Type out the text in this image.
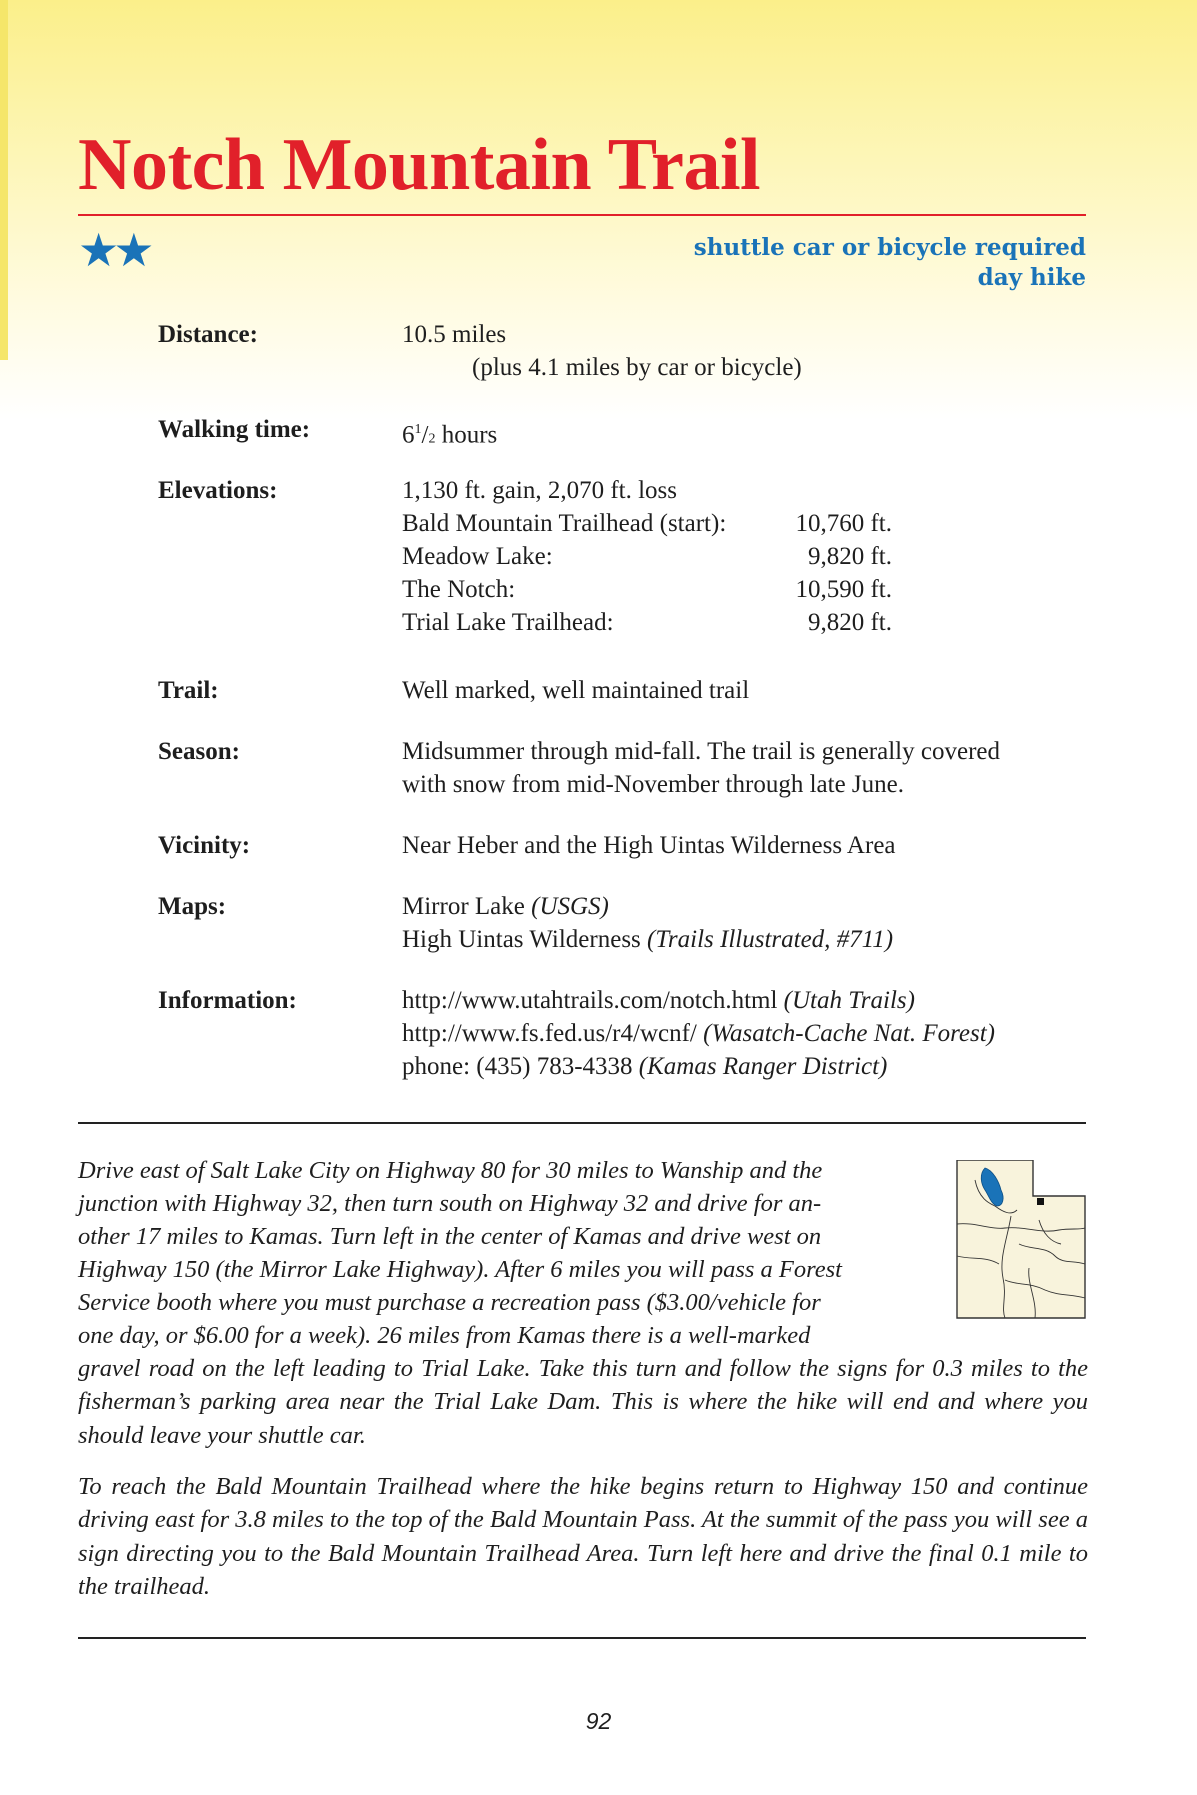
Notch Mountain Trail
★★	shuttle car or bicycle required
day hike
Distance:	10.5 miles
(plus 4.1 miles by car or bicycle)
Walking time:	$6^1/2$ hours
Elevations:	1,130 ft. gain, 2,070 ft. loss
Bald Mountain Trailhead (start):	10,760 ft.
Meadow Lake:	9,820 ft.
The Notch:	10,590 ft.
Trial Lake Trailhead:	9,820 ft.
Trail:	Well marked, well maintained trail
Season:	Midsummer through mid-fall. The trail is generally covered
with snow from mid-November through late June.
Vicinity:	Near Heber and the High Uintas Wilderness Area
Maps:	Mirror Lake (USGS)
High Uintas Wilderness (Trails Illustrated, #711)
Information:	http://www.utahtrails.com/notch.html (Utah Trails)
http://www.fs.fed.us/r4/wcnf/ (Wasatch-Cache Nat. Forest)
phone: (435) 783-4338 (Kamas Ranger District)
Drive east of Salt Lake City on Highway 80 for 30 miles to Wanship and the
junction with Highway 32, then turn south on Highway 32 and drive for an-
other 17 miles to Kamas. Turn left in the center of Kamas and drive west on
Highway 150 (the Mirror Lake Highway). After 6 miles you will pass a Forest
Service booth where you must purchase a recreation pass ($3.00/vehicle for
one day, or $6.00 for a week). 26 miles from Kamas there is a well-marked

gravel road on the left leading to Trial Lake. Take this turn and follow the signs for 0.3 miles to the fisherman’s parking area near the Trial Lake Dam. This is where the hike will end and where you should leave your shuttle car.

To reach the Bald Mountain Trailhead where the hike begins return to Highway 150 and continue driving east for 3.8 miles to the top of the Bald Mountain Pass. At the summit of the pass you will see a sign directing you to the Bald Mountain Trailhead Area. Turn left here and drive the final 0.1 mile to the trailhead.

92
